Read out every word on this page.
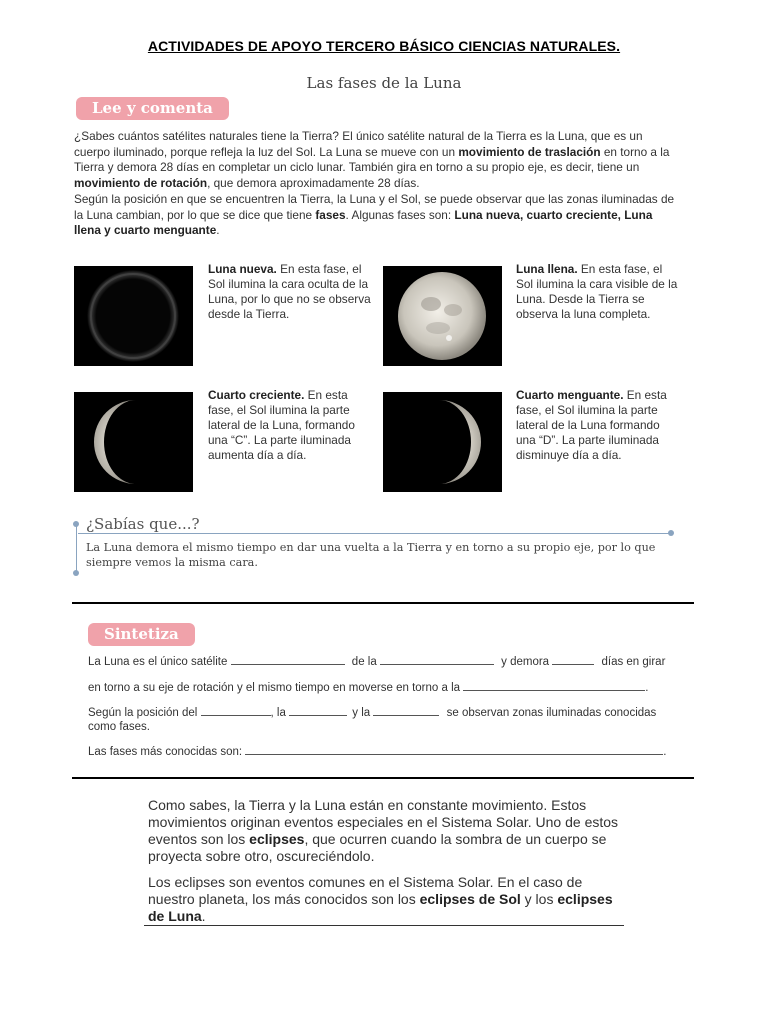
ACTIVIDADES DE APOYO TERCERO BÁSICO CIENCIAS NATURALES.
Las fases de la Luna
Lee y comenta
¿Sabes cuántos satélites naturales tiene la Tierra? El único satélite natural de la Tierra es la Luna, que es un cuerpo iluminado, porque refleja la luz del Sol. La Luna se mueve con un movimiento de traslación en torno a la Tierra y demora 28 días en completar un ciclo lunar. También gira en torno a su propio eje, es decir, tiene un movimiento de rotación, que demora aproximadamente 28 días.
Según la posición en que se encuentren la Tierra, la Luna y el Sol, se puede observar que las zonas iluminadas de la Luna cambian, por lo que se dice que tiene fases. Algunas fases son: Luna nueva, cuarto creciente, Luna llena y cuarto menguante.
Luna nueva. En esta fase, el Sol ilumina la cara oculta de la Luna, por lo que no se observa desde la Tierra.
Luna llena. En esta fase, el Sol ilumina la cara visible de la Luna. Desde la Tierra se observa la luna completa.
Cuarto creciente. En esta fase, el Sol ilumina la parte lateral de la Luna, formando una “C”. La parte iluminada aumenta día a día.
Cuarto menguante. En esta fase, el Sol ilumina la parte lateral de la Luna formando una “D”. La parte iluminada disminuye día a día.
¿Sabías que...?
La Luna demora el mismo tiempo en dar una vuelta a la Tierra y en torno a su propio eje, por lo que siempre vemos la misma cara.
Sintetiza
La Luna es el único satélite	de la	y demora	días en girar
en torno a su eje de rotación y el mismo tiempo en moverse en torno a la	.
Según la posición del	, la	y la	se observan zonas iluminadas conocidas
como fases.
Las fases más conocidas son:	.
Como sabes, la Tierra y la Luna están en constante movimiento. Estos movimientos originan eventos especiales en el Sistema Solar. Uno de estos eventos son los eclipses, que ocurren cuando la sombra de un cuerpo se proyecta sobre otro, oscureciéndolo.
Los eclipses son eventos comunes en el Sistema Solar. En el caso de nuestro planeta, los más conocidos son los eclipses de Sol y los eclipses de Luna.
